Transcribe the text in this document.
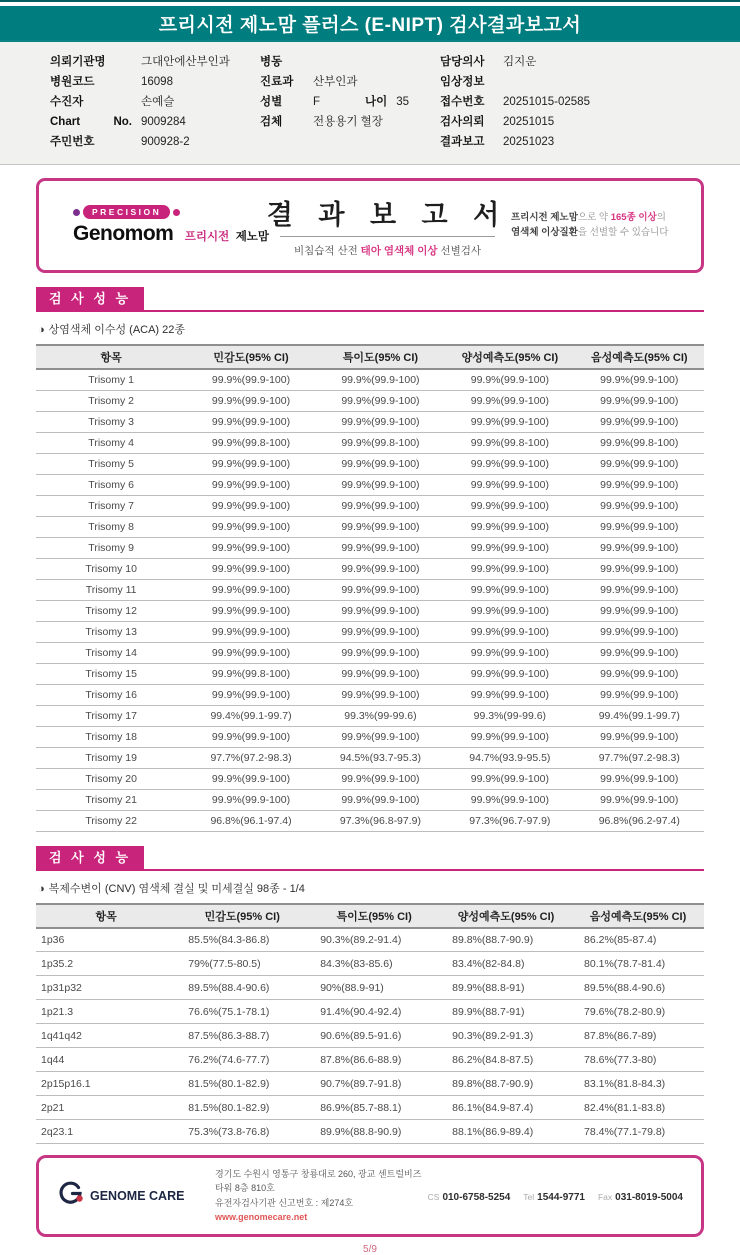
프리시전 제노맘 플러스 (E-NIPT) 검사결과보고서
의뢰기관명	그대안에산부인과
병원코드	16098
수진자	손예슬
Chart No. 9009284
주민번호	900928-2
병동
진료과 산부인과
성별	F	나이 35
검체	전용용기 혈장
담당의사 김지운
임상정보
접수번호 20251015-02585
검사의뢰 20251015
결과보고 20251023
PRECISION
Genomom 프리시전 제노맘
결 과 보 고 서
비침습적 산전 태아 염색체 이상 선별검사
프리시전 제노맘으로 약 165종 이상의
염색체 이상질환을 선별할 수 있습니다
검 사 성 능
◑ 상염색체 이수성 (ACA) 22종
항목	민감도(95% CI)	특이도(95% CI)	양성예측도(95% CI)	음성예측도(95% CI)
Trisomy 1	99.9%(99.9-100)	99.9%(99.9-100)	99.9%(99.9-100)	99.9%(99.9-100)
Trisomy 2	99.9%(99.9-100)	99.9%(99.9-100)	99.9%(99.9-100)	99.9%(99.9-100)
Trisomy 3	99.9%(99.9-100)	99.9%(99.9-100)	99.9%(99.9-100)	99.9%(99.9-100)
Trisomy 4	99.9%(99.8-100)	99.9%(99.8-100)	99.9%(99.8-100)	99.9%(99.8-100)
Trisomy 5	99.9%(99.9-100)	99.9%(99.9-100)	99.9%(99.9-100)	99.9%(99.9-100)
Trisomy 6	99.9%(99.9-100)	99.9%(99.9-100)	99.9%(99.9-100)	99.9%(99.9-100)
Trisomy 7	99.9%(99.9-100)	99.9%(99.9-100)	99.9%(99.9-100)	99.9%(99.9-100)
Trisomy 8	99.9%(99.9-100)	99.9%(99.9-100)	99.9%(99.9-100)	99.9%(99.9-100)
Trisomy 9	99.9%(99.9-100)	99.9%(99.9-100)	99.9%(99.9-100)	99.9%(99.9-100)
Trisomy 10	99.9%(99.9-100)	99.9%(99.9-100)	99.9%(99.9-100)	99.9%(99.9-100)
Trisomy 11	99.9%(99.9-100)	99.9%(99.9-100)	99.9%(99.9-100)	99.9%(99.9-100)
Trisomy 12	99.9%(99.9-100)	99.9%(99.9-100)	99.9%(99.9-100)	99.9%(99.9-100)
Trisomy 13	99.9%(99.9-100)	99.9%(99.9-100)	99.9%(99.9-100)	99.9%(99.9-100)
Trisomy 14	99.9%(99.9-100)	99.9%(99.9-100)	99.9%(99.9-100)	99.9%(99.9-100)
Trisomy 15	99.9%(99.8-100)	99.9%(99.9-100)	99.9%(99.9-100)	99.9%(99.9-100)
Trisomy 16	99.9%(99.9-100)	99.9%(99.9-100)	99.9%(99.9-100)	99.9%(99.9-100)
Trisomy 17	99.4%(99.1-99.7)	99.3%(99-99.6)	99.3%(99-99.6)	99.4%(99.1-99.7)
Trisomy 18	99.9%(99.9-100)	99.9%(99.9-100)	99.9%(99.9-100)	99.9%(99.9-100)
Trisomy 19	97.7%(97.2-98.3)	94.5%(93.7-95.3)	94.7%(93.9-95.5)	97.7%(97.2-98.3)
Trisomy 20	99.9%(99.9-100)	99.9%(99.9-100)	99.9%(99.9-100)	99.9%(99.9-100)
Trisomy 21	99.9%(99.9-100)	99.9%(99.9-100)	99.9%(99.9-100)	99.9%(99.9-100)
Trisomy 22	96.8%(96.1-97.4)	97.3%(96.8-97.9)	97.3%(96.7-97.9)	96.8%(96.2-97.4)
검 사 성 능
◑ 복제수변이 (CNV) 염색체 결실 및 미세결실 98종 - 1/4
항목	민감도(95% CI)	특이도(95% CI)	양성예측도(95% CI)	음성예측도(95% CI)
1p36	85.5%(84.3-86.8)	90.3%(89.2-91.4)	89.8%(88.7-90.9)	86.2%(85-87.4)
1p35.2	79%(77.5-80.5)	84.3%(83-85.6)	83.4%(82-84.8)	80.1%(78.7-81.4)
1p31p32	89.5%(88.4-90.6)	90%(88.9-91)	89.9%(88.8-91)	89.5%(88.4-90.6)
1p21.3	76.6%(75.1-78.1)	91.4%(90.4-92.4)	89.9%(88.7-91)	79.6%(78.2-80.9)
1q41q42	87.5%(86.3-88.7)	90.6%(89.5-91.6)	90.3%(89.2-91.3)	87.8%(86.7-89)
1q44	76.2%(74.6-77.7)	87.8%(86.6-88.9)	86.2%(84.8-87.5)	78.6%(77.3-80)
2p15p16.1	81.5%(80.1-82.9)	90.7%(89.7-91.8)	89.8%(88.7-90.9)	83.1%(81.8-84.3)
2p21	81.5%(80.1-82.9)	86.9%(85.7-88.1)	86.1%(84.9-87.4)	82.4%(81.1-83.8)
2q23.1	75.3%(73.8-76.8)	89.9%(88.8-90.9)	88.1%(86.9-89.4)	78.4%(77.1-79.8)
GENOME CARE
경기도 수원시 영통구 창룡대로 260, 광교 센트럴비즈타워 8층 810호
유전자검사기관 신고번호 : 제274호
www.genomecare.net
CS 010-6758-5254 Tel 1544-9771 Fax 031-8019-5004
5/9
